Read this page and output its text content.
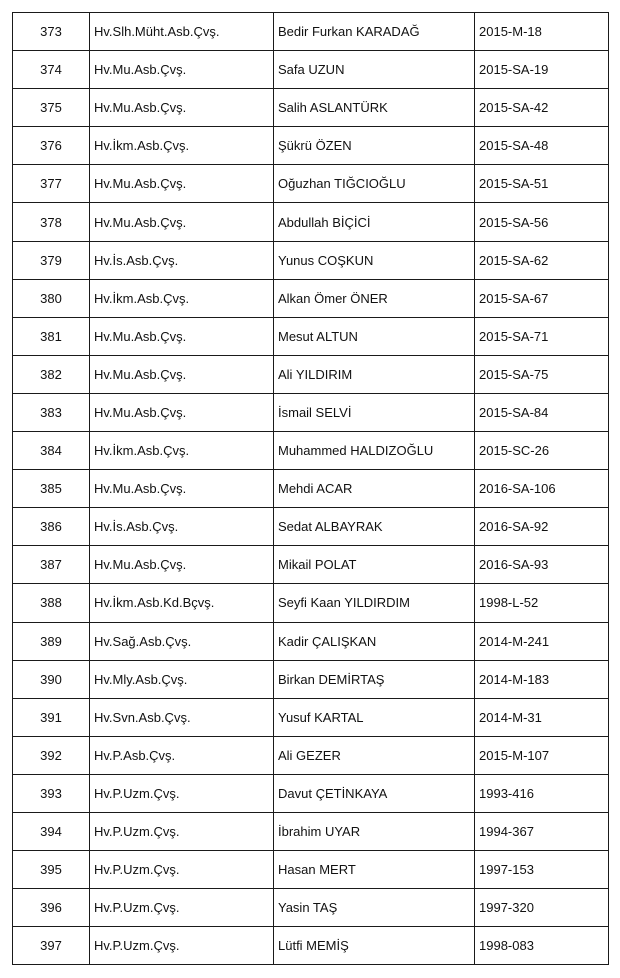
373	Hv.Slh.Müht.Asb.Çvş.	Bedir Furkan KARADAĞ	2015-M-18
374	Hv.Mu.Asb.Çvş.	Safa UZUN	2015-SA-19
375	Hv.Mu.Asb.Çvş.	Salih ASLANTÜRK	2015-SA-42
376	Hv.İkm.Asb.Çvş.	Şükrü ÖZEN	2015-SA-48
377	Hv.Mu.Asb.Çvş.	Oğuzhan TIĞCIOĞLU	2015-SA-51
378	Hv.Mu.Asb.Çvş.	Abdullah BİÇİCİ	2015-SA-56
379	Hv.İs.Asb.Çvş.	Yunus COŞKUN	2015-SA-62
380	Hv.İkm.Asb.Çvş.	Alkan Ömer ÖNER	2015-SA-67
381	Hv.Mu.Asb.Çvş.	Mesut ALTUN	2015-SA-71
382	Hv.Mu.Asb.Çvş.	Ali YILDIRIM	2015-SA-75
383	Hv.Mu.Asb.Çvş.	İsmail SELVİ	2015-SA-84
384	Hv.İkm.Asb.Çvş.	Muhammed HALDIZOĞLU	2015-SC-26
385	Hv.Mu.Asb.Çvş.	Mehdi ACAR	2016-SA-106
386	Hv.İs.Asb.Çvş.	Sedat ALBAYRAK	2016-SA-92
387	Hv.Mu.Asb.Çvş.	Mikail POLAT	2016-SA-93
388	Hv.İkm.Asb.Kd.Bçvş.	Seyfi Kaan YILDIRDIM	1998-L-52
389	Hv.Sağ.Asb.Çvş.	Kadir ÇALIŞKAN	2014-M-241
390	Hv.Mly.Asb.Çvş.	Birkan DEMİRTAŞ	2014-M-183
391	Hv.Svn.Asb.Çvş.	Yusuf KARTAL	2014-M-31
392	Hv.P.Asb.Çvş.	Ali GEZER	2015-M-107
393	Hv.P.Uzm.Çvş.	Davut ÇETİNKAYA	1993-416
394	Hv.P.Uzm.Çvş.	İbrahim UYAR	1994-367
395	Hv.P.Uzm.Çvş.	Hasan MERT	1997-153
396	Hv.P.Uzm.Çvş.	Yasin TAŞ	1997-320
397	Hv.P.Uzm.Çvş.	Lütfi MEMİŞ	1998-083
